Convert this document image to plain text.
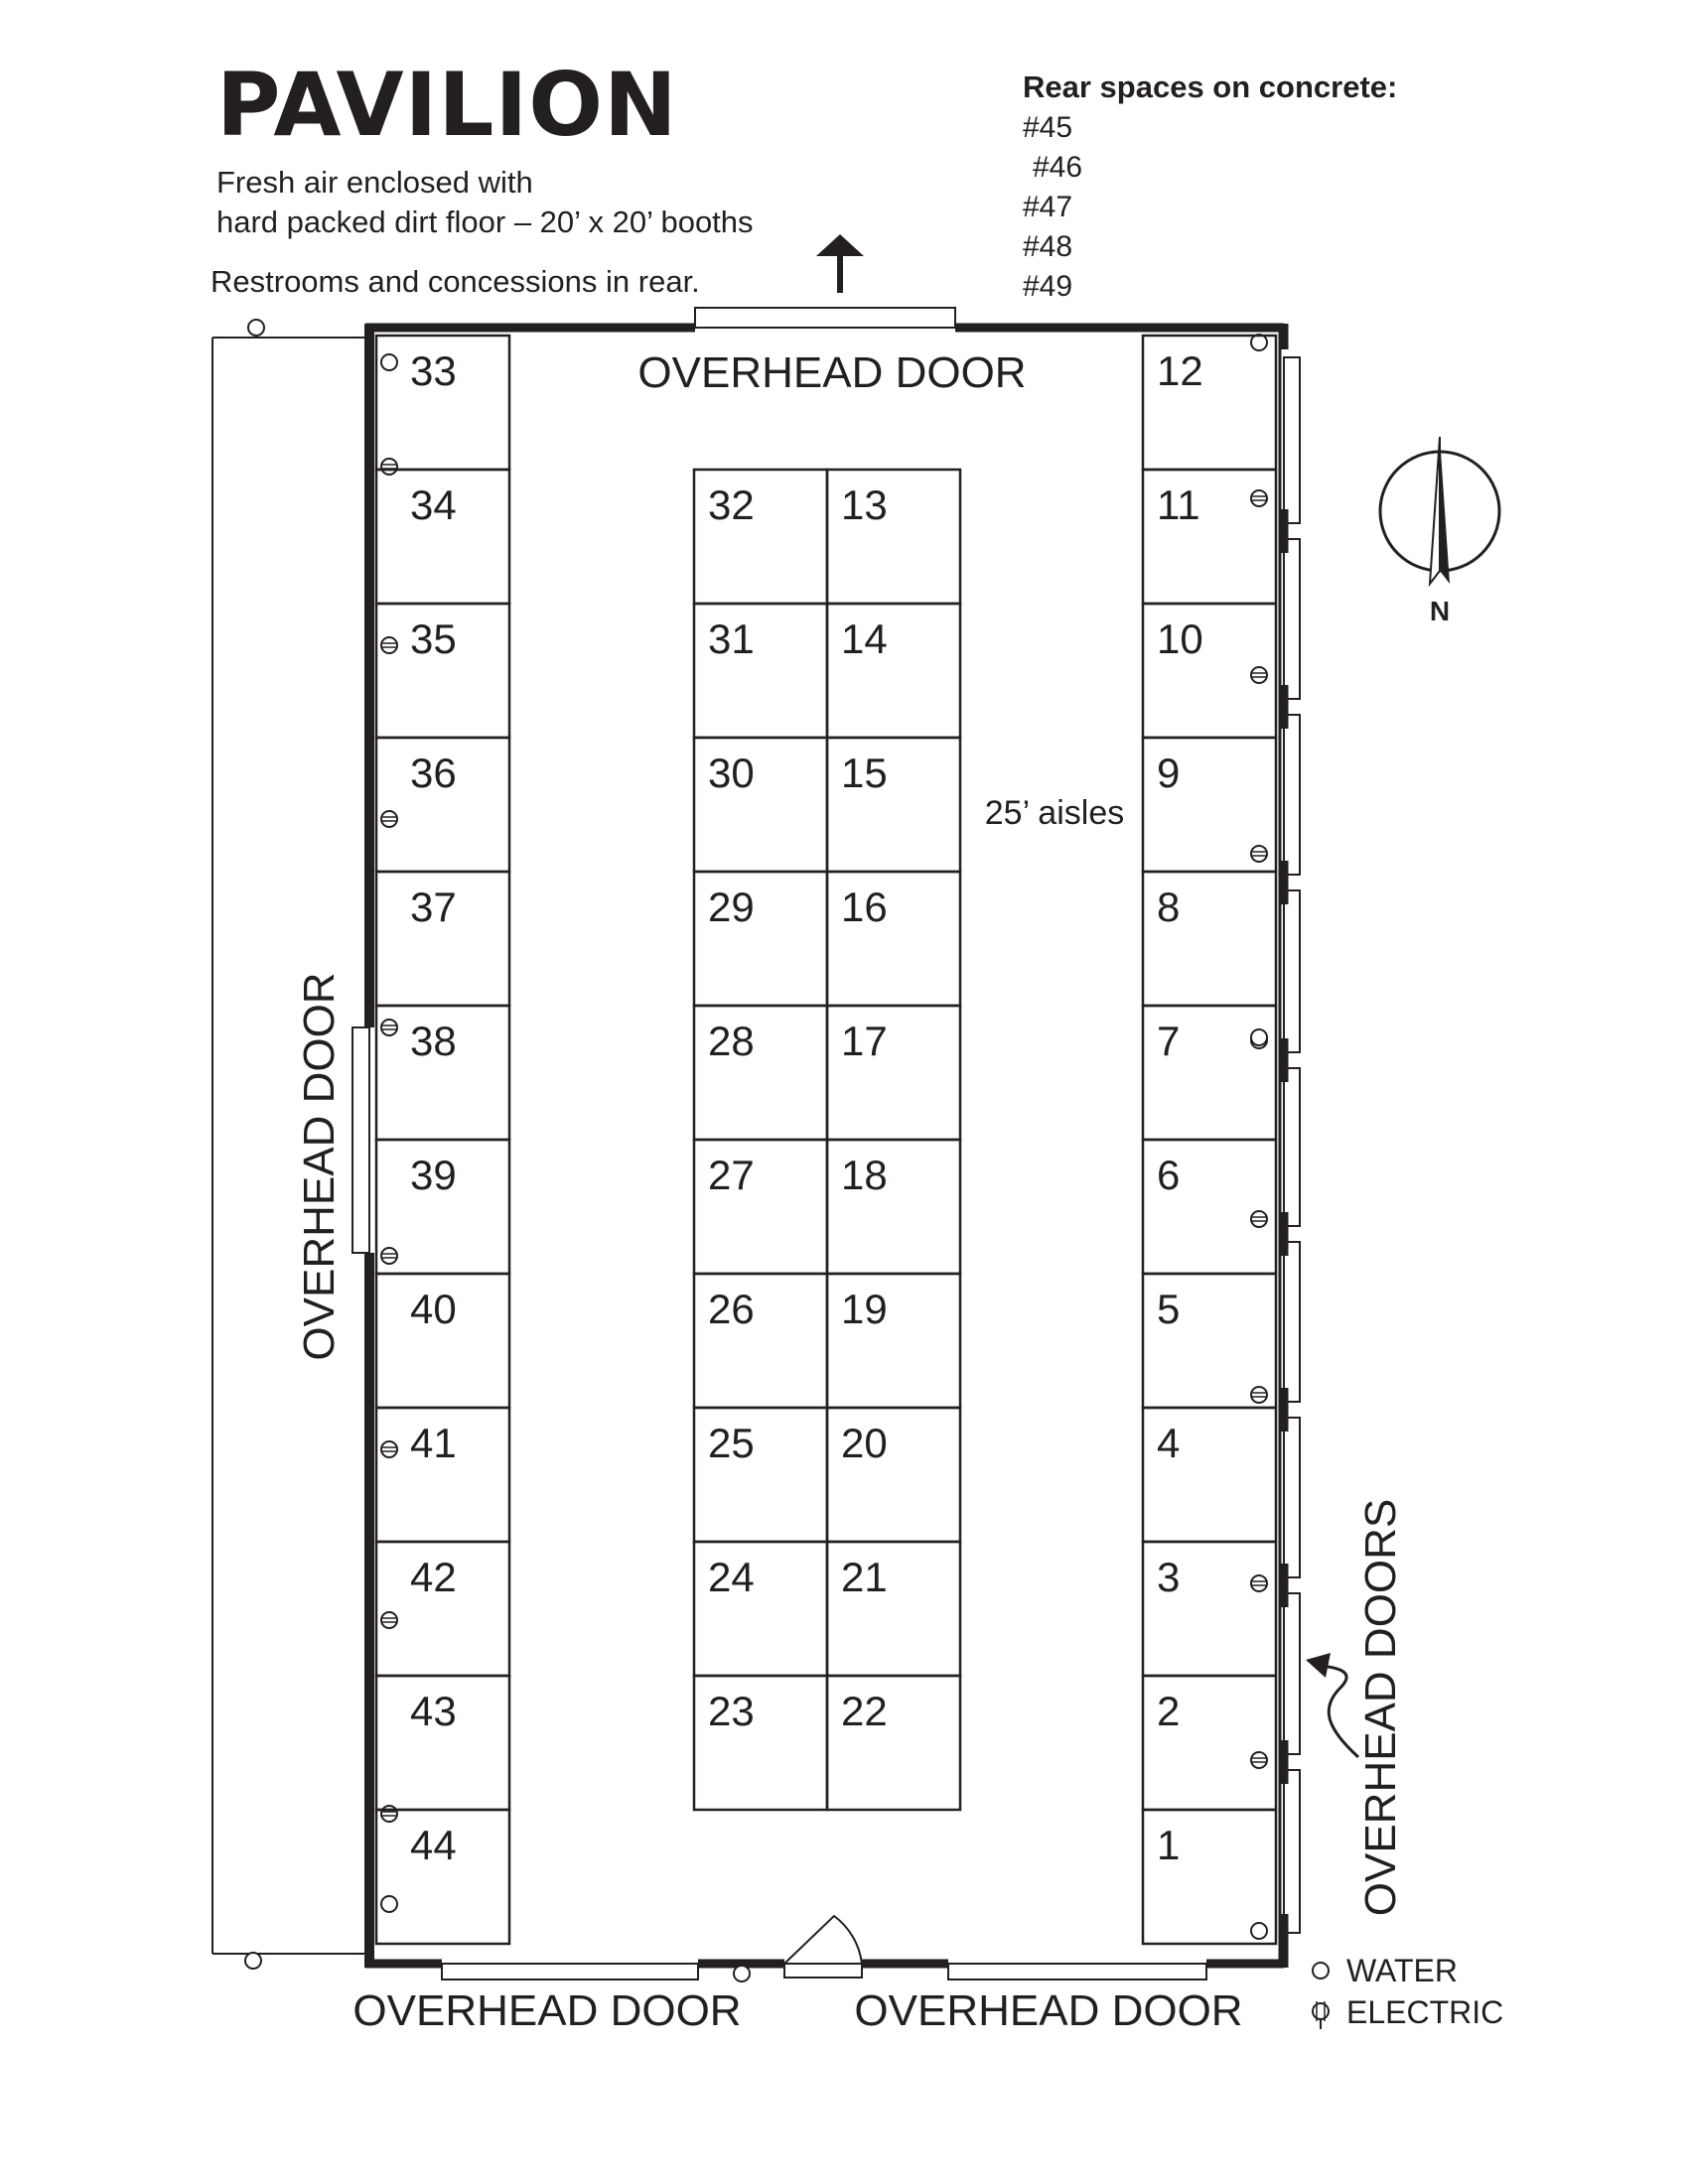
PAVILION
Fresh air enclosed with
hard packed dirt floor – 20’ x 20’ booths
Restrooms and concessions in rear.
Rear spaces on concrete:
#45
#46
#47
#48
#49
33
34
35
36
37
38
39
40
41
42
43
44
12
11
10
9
8
7
6
5
4
3
2
1
32
31
30
29
28
27
26
25
24
23
13
14
15
16
17
18
19
20
21
22
OVERHEAD DOOR
OVERHEAD DOOR
OVERHEAD DOOR	OVERHEAD DOOR
OVERHEAD DOORS
25’ aisles
N
WATER
ELECTRIC
